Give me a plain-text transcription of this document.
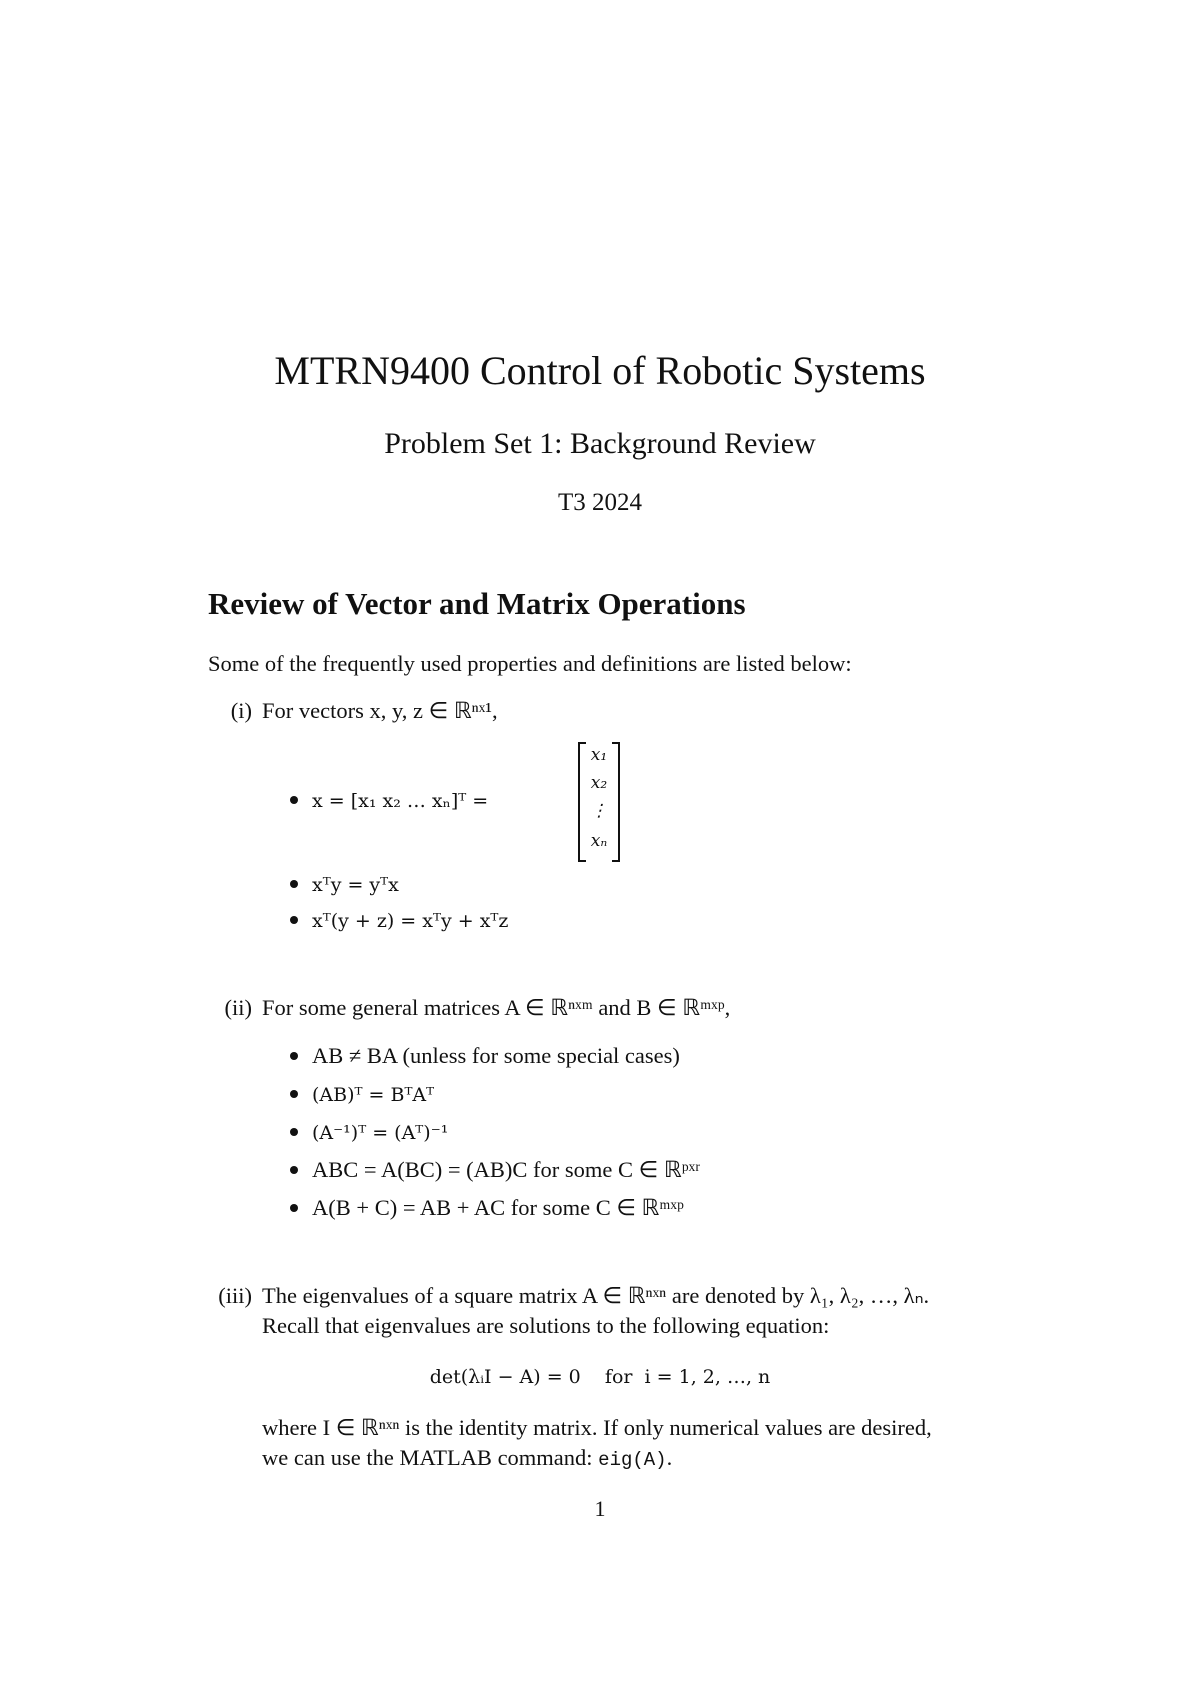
MTRN9400 Control of Robotic Systems
Problem Set 1: Background Review
T3 2024
Review of Vector and Matrix Operations
Some of the frequently used properties and definitions are listed below:
(i) For vectors x, y, z ∈ ℝⁿˣ¹,
x = [x₁ x₂ … xₙ]ᵀ =
x₁
x₂
⋮
xₙ
xᵀy = yᵀx
xᵀ(y + z) = xᵀy + xᵀz
(ii) For some general matrices A ∈ ℝⁿˣᵐ and B ∈ ℝᵐˣᵖ,
AB ≠ BA (unless for some special cases)
(AB)ᵀ = BᵀAᵀ
(A⁻¹)ᵀ = (Aᵀ)⁻¹
ABC = A(BC) = (AB)C for some C ∈ ℝᵖˣʳ
A(B + C) = AB + AC for some C ∈ ℝᵐˣᵖ
(iii) The eigenvalues of a square matrix A ∈ ℝⁿˣⁿ are denoted by λ₁, λ₂, …, λₙ.
Recall that eigenvalues are solutions to the following equation:
det(λᵢI − A) = 0    for  i = 1, 2, …, n
where I ∈ ℝⁿˣⁿ is the identity matrix. If only numerical values are desired,
we can use the MATLAB command: eig(A).
1
